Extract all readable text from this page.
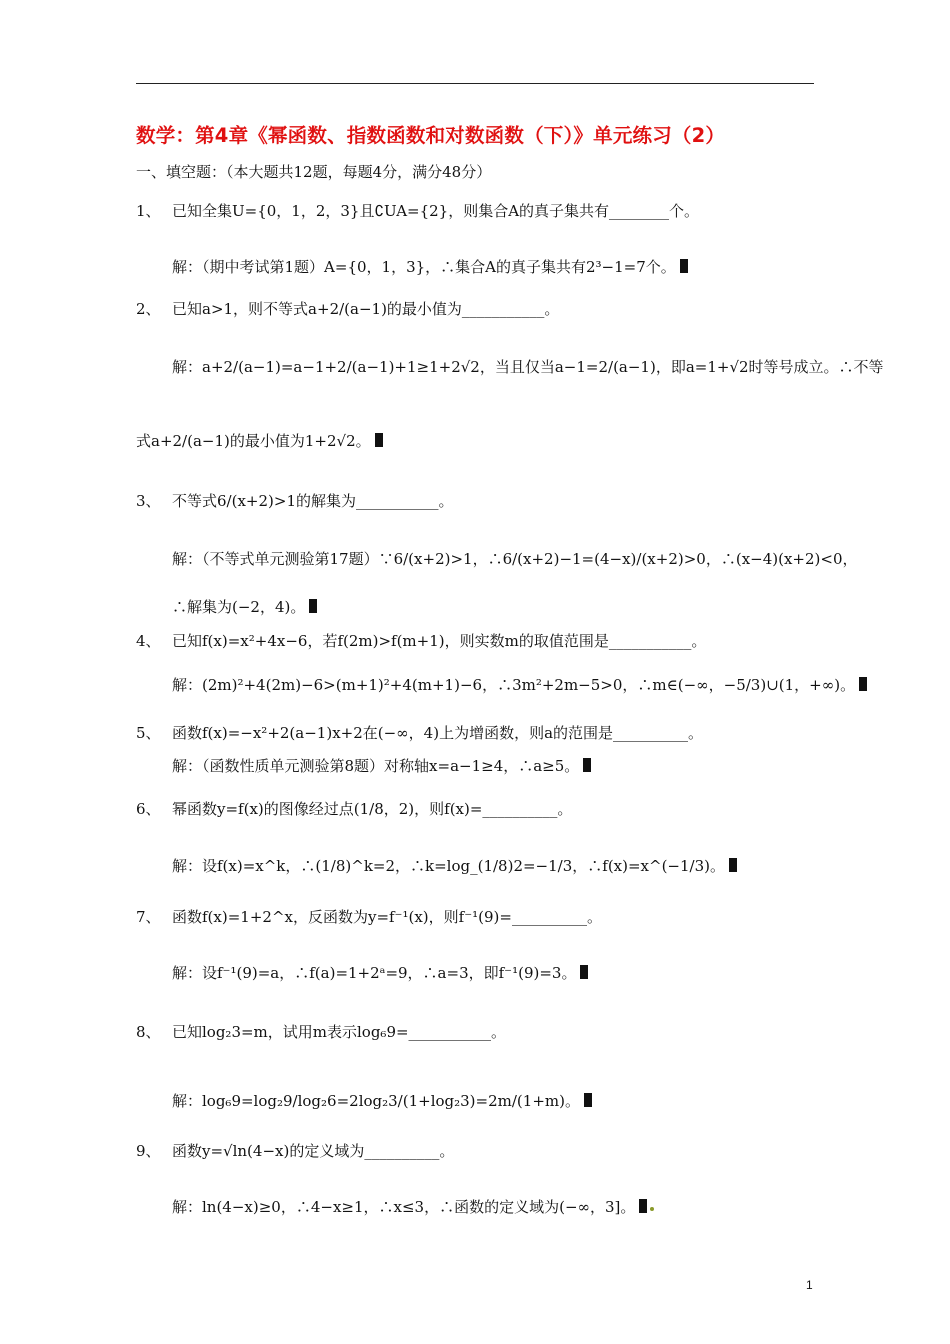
数学：第4章《幂函数、指数函数和对数函数（下）》单元练习（2）
一、填空题：（本大题共12题，每题4分，满分48分）
1、 已知全集U={0，1，2，3}且∁UA={2}，则集合A的真子集共有________个。
解：（期中考试第1题）A={0，1，3}，∴集合A的真子集共有2³−1=7个。
2、 已知a>1，则不等式a+2/(a−1)的最小值为___________。
解：a+2/(a−1)=a−1+2/(a−1)+1≥1+2√2，当且仅当a−1=2/(a−1)，即a=1+√2时等号成立。∴不等
式a+2/(a−1)的最小值为1+2√2。
3、 不等式6/(x+2)>1的解集为___________。
解：（不等式单元测验第17题）∵6/(x+2)>1，∴6/(x+2)−1=(4−x)/(x+2)>0，∴(x−4)(x+2)<0，
∴解集为(−2，4)。
4、 已知f(x)=x²+4x−6，若f(2m)>f(m+1)，则实数m的取值范围是___________。
解：(2m)²+4(2m)−6>(m+1)²+4(m+1)−6，∴3m²+2m−5>0，∴m∈(−∞，−5/3)∪(1，+∞)。
5、 函数f(x)=−x²+2(a−1)x+2在(−∞，4)上为增函数，则a的范围是__________。
解：（函数性质单元测验第8题）对称轴x=a−1≥4，∴a≥5。
6、 幂函数y=f(x)的图像经过点(1/8，2)，则f(x)=__________。
解：设f(x)=x^k，∴(1/8)^k=2，∴k=log_(1/8)2=−1/3，∴f(x)=x^(−1/3)。
7、 函数f(x)=1+2^x，反函数为y=f⁻¹(x)，则f⁻¹(9)=__________。
解：设f⁻¹(9)=a，∴f(a)=1+2ᵃ=9，∴a=3，即f⁻¹(9)=3。
8、 已知log₂3=m，试用m表示log₆9=___________。
解：log₆9=log₂9/log₂6=2log₂3/(1+log₂3)=2m/(1+m)。
9、 函数y=√ln(4−x)的定义域为__________。
解：ln(4−x)≥0，∴4−x≥1，∴x≤3，∴函数的定义域为(−∞，3]。
1
